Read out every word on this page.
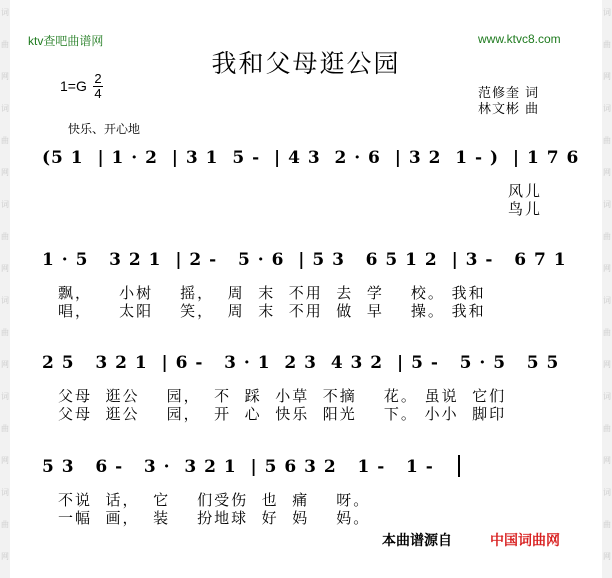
词
曲
网
词
曲
网
词
曲
网
词
曲
网
词
曲
网
词
曲
网
词
曲
网
词
曲
网
词
曲
网
词
曲
网
词
曲
网
词
曲
网
ktv查吧曲谱网	www.ktvc8.com
我和父母逛公园
1=G 2
4	范修奎 词
林文彬 曲
快乐、开心地
(5 1  | 1 · 2  | 3 1  5 -  | 4 3  2 · 6  | 3 2  1 - )  | 1 7 6
风儿
鸟儿
1 · 5   3 2 1  | 2 -   5 · 6  | 5 3   6 5 1 2  | 3 -   6 7 1
飘，    小树    摇，  周  末  不用  去  学    校。 我和
唱，    太阳    笑，  周  末  不用  做  早    操。 我和
2 5   3 2 1  | 6 -   3 · 1  2 3  4 3 2  | 5 -   5 · 5   5 5
父母  逛公    园，  不  踩  小草  不摘    花。 虽说  它们
父母  逛公    园，  开  心  快乐  阳光    下。 小小  脚印
5 3   6 -   3 ·  3 2 1  | 5 6 3 2   1 -   1 -
不说  话，  它    们受伤  也  痛    呀。
一幅  画，  装    扮地球  好  妈    妈。
本曲谱源自	中国词曲网
